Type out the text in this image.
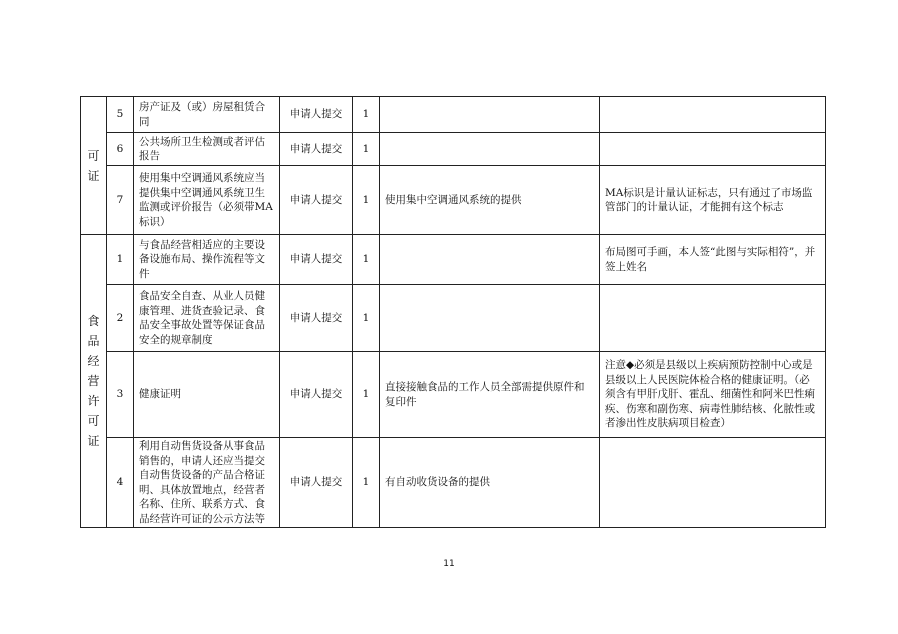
可证	5	房产证及（或）房屋租赁合同	申请人提交	1		
	6	公共场所卫生检测或者评估报告	申请人提交	1		
	7	使用集中空调通风系统应当提供集中空调通风系统卫生监测或评价报告（必须带MA标识）	申请人提交	1	使用集中空调通风系统的提供	MA标识是计量认证标志，只有通过了市场监管部门的计量认证，才能拥有这个标志
食品经营许可证	1	与食品经营相适应的主要设备设施布局、操作流程等文件	申请人提交	1		布局图可手画，本人签“此图与实际相符”，并签上姓名
	2	食品安全自查、从业人员健康管理、进货查验记录、食品安全事故处置等保证食品安全的规章制度	申请人提交	1		
	3	健康证明	申请人提交	1	直接接触食品的工作人员全部需提供原件和复印件	注意◆必须是县级以上疾病预防控制中心或是县级以上人民医院体检合格的健康证明。（必须含有甲肝戊肝、霍乱、细菌性和阿米巴性痢疾、伤寒和副伤寒、病毒性肺结核、化脓性或者渗出性皮肤病项目检查）
	4	利用自动售货设备从事食品销售的，申请人还应当提交自动售货设备的产品合格证明、具体放置地点，经营者名称、住所、联系方式、食品经营许可证的公示方法等	申请人提交	1	有自动收货设备的提供	
11
